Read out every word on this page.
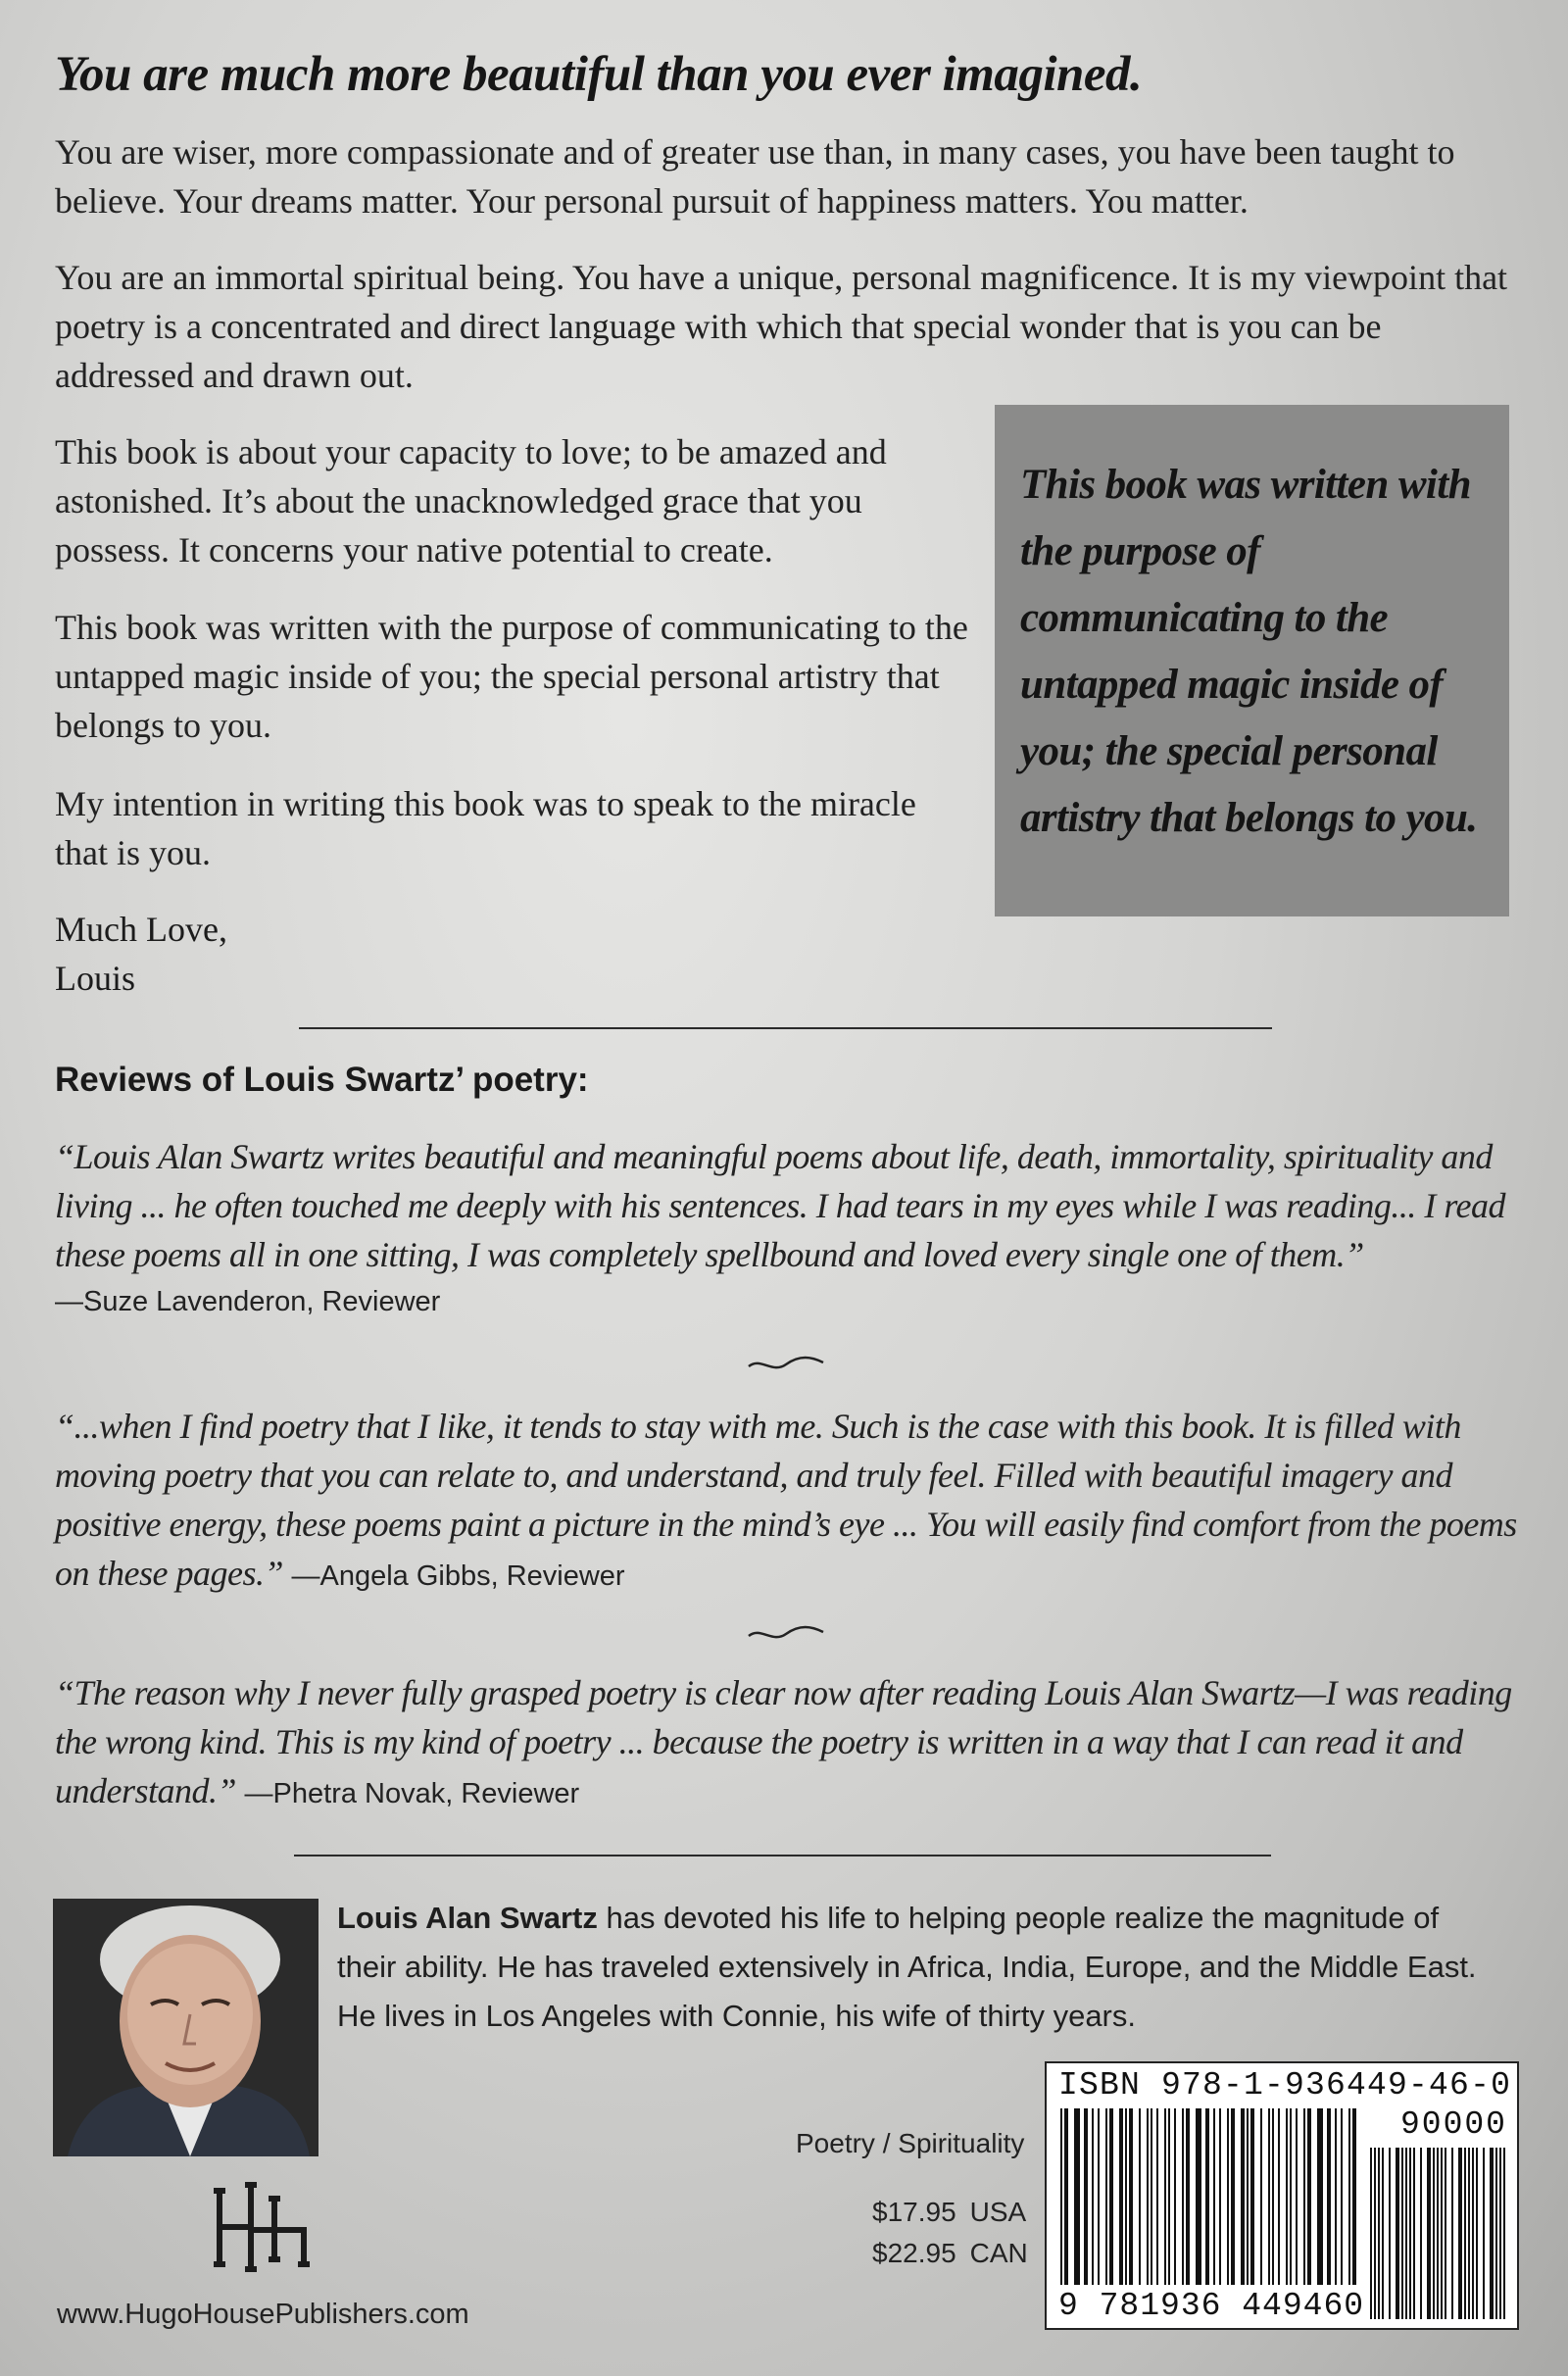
You are much more beautiful than you ever imagined.
You are wiser, more compassionate and of greater use than, in many cases, you have been taught to believe. Your dreams matter. Your personal pursuit of happiness matters. You matter.
You are an immortal spiritual being. You have a unique, personal magnificence. It is my viewpoint that poetry is a concentrated and direct language with which that special wonder that is you can be addressed and drawn out.
This book is about your capacity to love; to be amazed and astonished. It’s about the unacknowledged grace that you possess. It concerns your native potential to create.
This book was written with the purpose of communicating to the untapped magic inside of you; the special personal artistry that belongs to you.
My intention in writing this book was to speak to the miracle that is you.
Much Love,
Louis
This book was written with the purpose of communicating to the untapped magic inside of you; the special personal artistry that belongs to you.
Reviews of Louis Swartz’ poetry:
“Louis Alan Swartz writes beautiful and meaningful poems about life, death, immortality, spirituality and living ... he often touched me deeply with his sentences. I had tears in my eyes while I was reading... I read these poems all in one sitting, I was completely spellbound and loved every single one of them.”
—Suze Lavenderon, Reviewer
“...when I find poetry that I like, it tends to stay with me. Such is the case with this book. It is filled with moving poetry that you can relate to, and understand, and truly feel. Filled with beautiful imagery and positive energy, these poems paint a picture in the mind’s eye ... You will easily find comfort from the poems on these pages.” —Angela Gibbs, Reviewer
“The reason why I never fully grasped poetry is clear now after reading Louis Alan Swartz—I was reading the wrong kind. This is my kind of poetry ... because the poetry is written in a way that I can read it and understand.” —Phetra Novak, Reviewer
Louis Alan Swartz has devoted his life to helping people realize the magnitude of their ability. He has traveled extensively in Africa, India, Europe, and the Middle East. He lives in Los Angeles with Connie, his wife of thirty years.
Poetry / Spirituality
$17.95 USA
$22.95 CAN
www.HugoHousePublishers.com
ISBN 978-1-936449-46-0
90000
9 781936 449460
